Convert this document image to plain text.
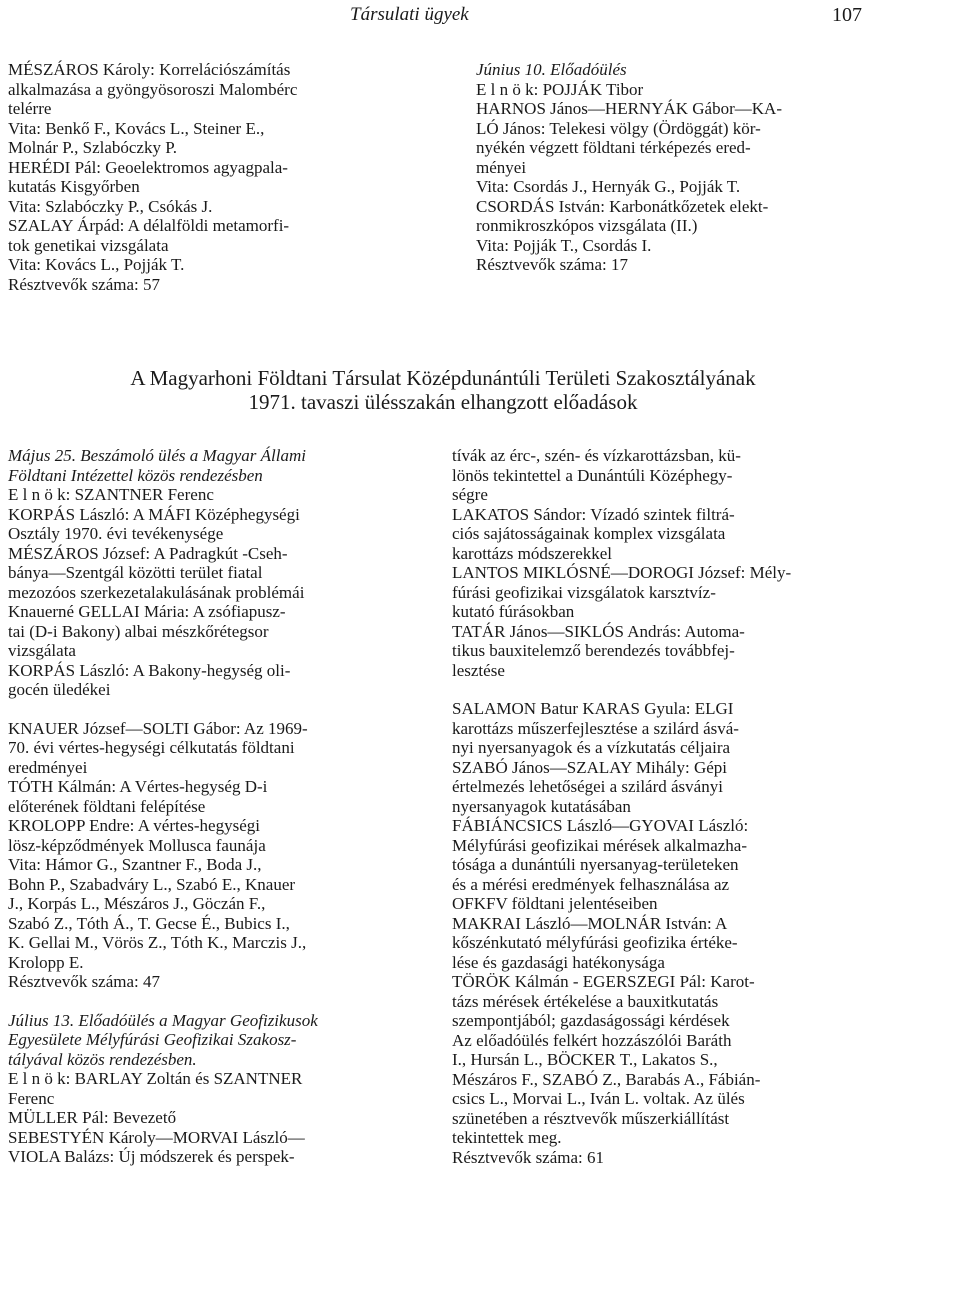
Társulati ügyek	107

MÉSZÁROS Károly: Korrelációszámítás
alkalmazása a gyöngyösoroszi Malombérc
telérre

Vita: Benkő F., Kovács L., Steiner E.,
Molnár P., Szlabóczky P.

HERÉDI Pál: Geoelektromos agyagpala-
kutatás Kisgyőrben

Vita: Szlabóczky P., Csókás J.

SZALAY Árpád: A délalföldi metamorfi-
tok genetikai vizsgálata

Vita: Kovács L., Pojják T.

Résztvevők száma: 57

Június 10. Előadóülés

E l n ö k: POJJÁK Tibor

HARNOS János—HERNYÁK Gábor—KA-
LÓ János: Telekesi völgy (Ördöggát) kör-
nyékén végzett földtani térképezés ered-
ményei

Vita: Csordás J., Hernyák G., Pojják T.

CSORDÁS István: Karbonátkőzetek elekt-
ronmikroszkópos vizsgálata (II.)

Vita: Pojják T., Csordás I.

Résztvevők száma: 17

A Magyarhoni Földtani Társulat Középdunántúli Területi Szakosztályának
1971. tavaszi ülésszakán elhangzott előadások

Május 25. Beszámoló ülés a Magyar Állami
Földtani Intézettel közös rendezésben

E l n ö k: SZANTNER Ferenc

KORPÁS László: A MÁFI Középhegységi
Osztály 1970. évi tevékenysége

MÉSZÁROS József: A Padragkút -Cseh-
bánya—Szentgál közötti terület fiatal
mezozóos szerkezetalakulásának problémái

Knauerné GELLAI Mária: A zsófiapusz-
tai (D-i Bakony) albai mészkőrétegsor
vizsgálata

KORPÁS László: A Bakony-hegység oli-
gocén üledékei

KNAUER József—SOLTI Gábor: Az 1969-
70. évi vértes-hegységi célkutatás földtani
eredményei

TÓTH Kálmán: A Vértes-hegység D-i
előterének földtani felépítése

KROLOPP Endre: A vértes-hegységi
lösz-képződmények Mollusca faunája

Vita: Hámor G., Szantner F., Boda J.,
Bohn P., Szabadváry L., Szabó E., Knauer
J., Korpás L., Mészáros J., Göczán F.,
Szabó Z., Tóth Á., T. Gecse É., Bubics I.,
K. Gellai M., Vörös Z., Tóth K., Marczis J.,
Krolopp E.

Résztvevők száma: 47

Július 13. Előadóülés a Magyar Geofizikusok
Egyesülete Mélyfúrási Geofizikai Szakosz-
tályával közös rendezésben.

E l n ö k: BARLAY Zoltán és SZANTNER
Ferenc

MÜLLER Pál: Bevezető

SEBESTYÉN Károly—MORVAI László—
VIOLA Balázs: Új módszerek és perspek-

tívák az érc-, szén- és vízkarottázsban, kü-
lönös tekintettel a Dunántúli Középhegy-
ségre

LAKATOS Sándor: Vízadó szintek filtrá-
ciós sajátosságainak komplex vizsgálata
karottázs módszerekkel

LANTOS MIKLÓSNÉ—DOROGI József: Mély-
fúrási geofizikai vizsgálatok karsztvíz-
kutató fúrásokban

TATÁR János—SIKLÓS András: Automa-
tikus bauxitelemző berendezés továbbfej-
lesztése

SALAMON Batur KARAS Gyula: ELGI
karottázs műszerfejlesztése a szilárd ásvá-
nyi nyersanyagok és a vízkutatás céljaira

SZABÓ János—SZALAY Mihály: Gépi
értelmezés lehetőségei a szilárd ásványi
nyersanyagok kutatásában

FÁBIÁNCSICS László—GYOVAI László:
Mélyfúrási geofizikai mérések alkalmazha-
tósága a dunántúli nyersanyag-területeken
és a mérési eredmények felhasználása az
OFKFV földtani jelentéseiben

MAKRAI László—MOLNÁR István: A
kőszénkutató mélyfúrási geofizika értéke-
lése és gazdasági hatékonysága

TÖRÖK Kálmán - EGERSZEGI Pál: Karot-
tázs mérések értékelése a bauxitkutatás
szempontjából; gazdaságossági kérdések

Az előadóülés felkért hozzászólói Baráth
I., Hursán L., BÖCKER T., Lakatos S.,
Mészáros F., SZABÓ Z., Barabás A., Fábián-
csics L., Morvai L., Iván L. voltak. Az ülés
szünetében a résztvevők műszerkiállítást
tekintettek meg.

Résztvevők száma: 61
